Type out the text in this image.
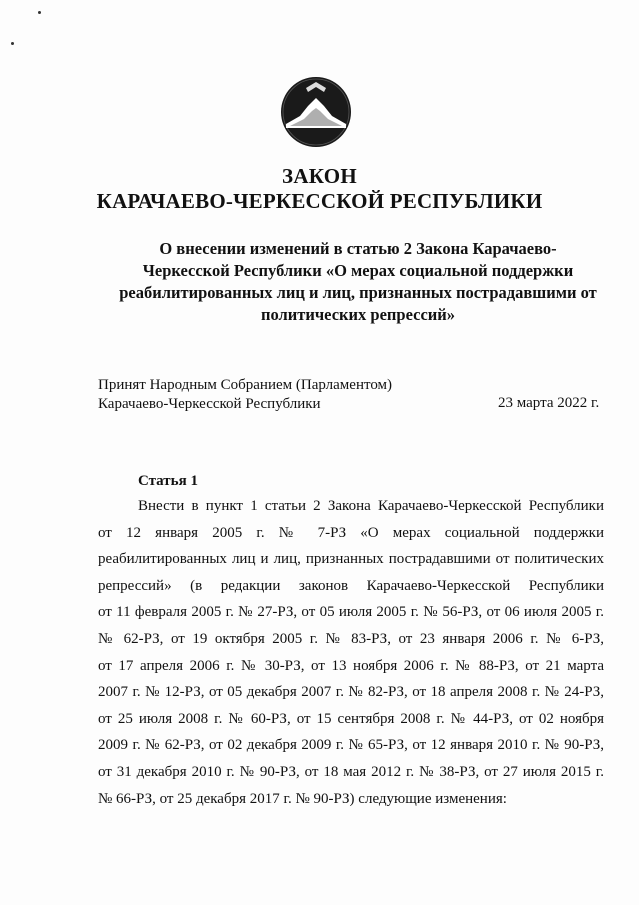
ЗАКОН
КАРАЧАЕВО-ЧЕРКЕССКОЙ РЕСПУБЛИКИ
О внесении изменений в статью 2 Закона Карачаево-
Черкесской Республики «О мерах социальной поддержки
реабилитированных лиц и лиц, признанных пострадавшими от
политических репрессий»
Принят Народным Собранием (Парламентом)
Карачаево-Черкесской Республики	23 марта 2022 г.
Статья 1
Внести в пункт 1 статьи 2 Закона Карачаево-Черкесской Республики
от 12 января 2005 г. № 7-РЗ «О мерах социальной поддержки
реабилитированных лиц и лиц, признанных пострадавшими от политических
репрессий» (в редакции законов Карачаево-Черкесской Республики
от 11 февраля 2005 г. № 27-РЗ, от 05 июля 2005 г. № 56-РЗ, от 06 июля 2005 г.
№ 62-РЗ, от 19 октября 2005 г. № 83-РЗ, от 23 января 2006 г. № 6-РЗ,
от 17 апреля 2006 г. № 30-РЗ, от 13 ноября 2006 г. № 88-РЗ, от 21 марта
2007 г. № 12-РЗ, от 05 декабря 2007 г. № 82-РЗ, от 18 апреля 2008 г. № 24-РЗ,
от 25 июля 2008 г. № 60-РЗ, от 15 сентября 2008 г. № 44-РЗ, от 02 ноября
2009 г. № 62-РЗ, от 02 декабря 2009 г. № 65-РЗ, от 12 января 2010 г. № 90-РЗ,
от 31 декабря 2010 г. № 90-РЗ, от 18 мая 2012 г. № 38-РЗ, от 27 июля 2015 г.
№ 66-РЗ, от 25 декабря 2017 г. № 90-РЗ) следующие изменения:
